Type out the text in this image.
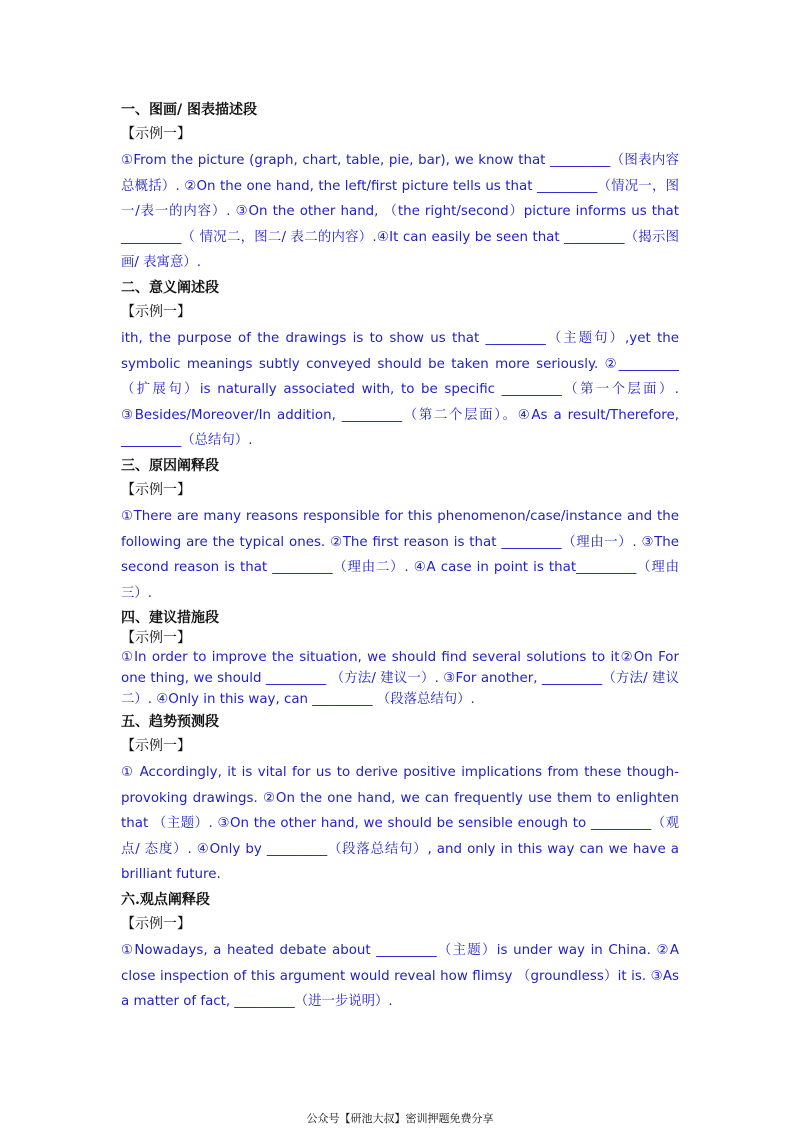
一、图画/ 图表描述段

【示例一】

①From the picture (graph, chart, table, pie, bar), we know that _________（图表内容总概括）. ②On the one hand, the left/first picture tells us that _________（情况一，图一/表一的内容）. ③On the other hand, （the right/second）picture informs us that _________（ 情况二，图二/ 表二的内容）.④It can easily be seen that _________（揭示图画/ 表寓意）.

二、意义阐述段

【示例一】

ith, the purpose of the drawings is to show us that _________（主题句）,yet the symbolic meanings subtly conveyed should be taken more seriously. ②_________（扩展句）is naturally associated with, to be specific _________（第一个层面）. ③Besides/Moreover/In addition, _________（第二个层面）。④As a result/Therefore, _________（总结句）.

三、原因阐释段

【示例一】

①There are many reasons responsible for this phenomenon/case/instance and the following are the typical ones. ②The first reason is that _________（理由一）. ③The second reason is that _________（理由二）. ④A case in point is that_________（理由三）.

四、建议措施段

【示例一】

①In order to improve the situation, we should find several solutions to it②On For one thing, we should _________ （方法/ 建议一）. ③For another, _________（方法/ 建议二）. ④Only in this way, can _________ （段落总结句）.

五、趋势预测段

【示例一】

① Accordingly, it is vital for us to derive positive implications from these though-provoking drawings. ②On the one hand, we can frequently use them to enlighten that （主题）. ③On the other hand, we should be sensible enough to _________（观点/ 态度）. ④Only by _________（段落总结句）, and only in this way can we have a brilliant future.

六.观点阐释段

【示例一】

①Nowadays, a heated debate about _________（主题）is under way in China. ②A close inspection of this argument would reveal how flimsy （groundless）it is. ③As a matter of fact, _________（进一步说明）.

公众号【研池大叔】密训押题免费分享
